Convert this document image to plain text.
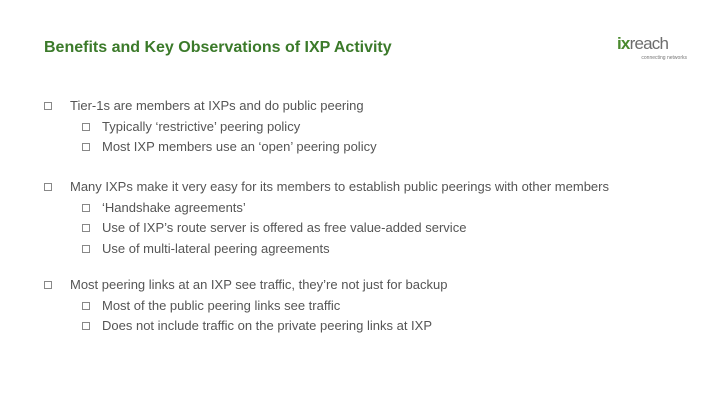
Benefits and Key Observations of IXP Activity	ixreach
connecting networks
Tier-1s are members at IXPs and do public peering
Typically ‘restrictive’ peering policy
Most IXP members use an ‘open’ peering policy
Many IXPs make it very easy for its members to establish public peerings with other members
‘Handshake agreements’
Use of IXP’s route server is offered as free value-added service
Use of multi-lateral peering agreements
Most peering links at an IXP see traffic, they’re not just for backup
Most of the public peering links see traffic
Does not include traffic on the private peering links at IXP
